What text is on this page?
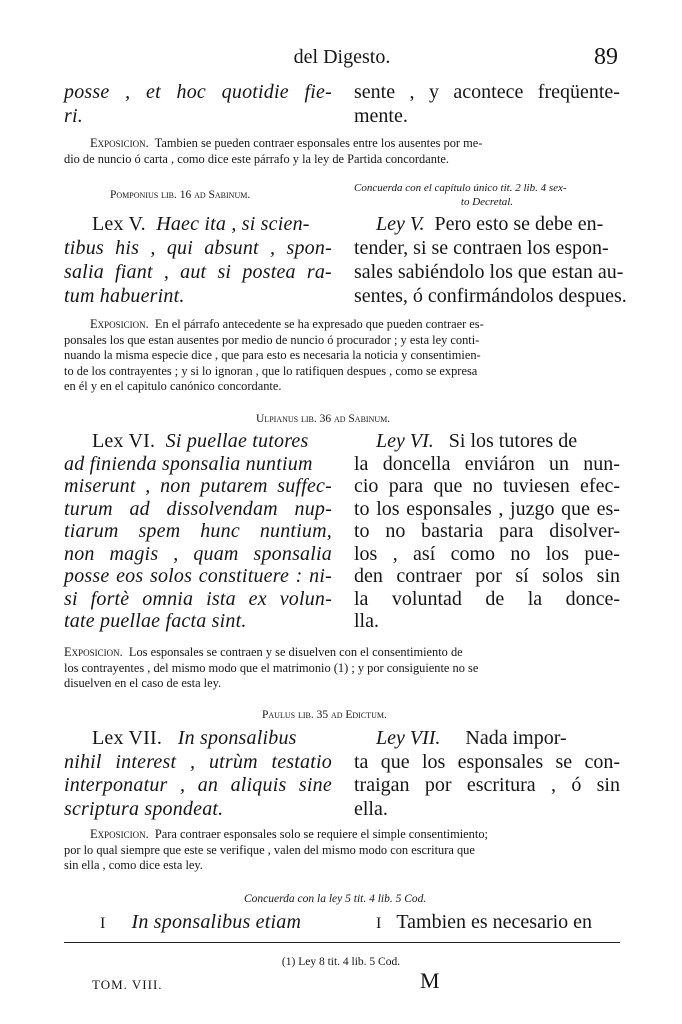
del Digesto.	89
posse , et hoc quotidie fie-
ri.
sente , y acontece freqüente-
mente.
Exposicion. Tambien se pueden contraer esponsales entre los ausentes por me-
dio de nuncio ó carta , como dice este párrafo y la ley de Partida concordante.
Pomponius lib. 16 ad Sabinum.
Concuerda con el capítulo único tit. 2 lib. 4 sex-
to Decretal.
Lex V. Haec ita , si scien-
tibus his , qui absunt , spon-
salia fiant , aut si postea ra-
tum habuerint.
Ley V. Pero esto se debe en-
tender, si se contraen los espon-
sales sabiéndolo los que estan au-
sentes, ó confirmándolos despues.
Exposicion. En el párrafo antecedente se ha expresado que pueden contraer es-
ponsales los que estan ausentes por medio de nuncio ó procurador ; y esta ley conti-
nuando la misma especie dice , que para esto es necesaria la noticia y consentimien-
to de los contrayentes ; y si lo ignoran , que lo ratifiquen despues , como se expresa
en él y en el capitulo canónico concordante.
Ulpianus lib. 36 ad Sabinum.
Lex VI. Si puellae tutores
ad finienda sponsalia nuntium
miserunt , non putarem suffec-
turum ad dissolvendam nup-
tiarum spem hunc nuntium,
non magis , quam sponsalia
posse eos solos constituere : ni-
si fortè omnia ista ex volun-
tate puellae facta sint.
Ley VI. Si los tutores de
la doncella enviáron un nun-
cio para que no tuviesen efec-
to los esponsales , juzgo que es-
to no bastaria para disolver-
los , así como no los pue-
den contraer por sí solos sin
la voluntad de la donce-
lla.
Exposicion. Los esponsales se contraen y se disuelven con el consentimiento de
los contrayentes , del mismo modo que el matrimonio (1) ; y por consiguiente no se
disuelven en el caso de esta ley.
Paulus lib. 35 ad Edictum.
Lex VII. In sponsalibus
nihil interest , utrùm testatio
interponatur , an aliquis sine
scriptura spondeat.
Ley VII. Nada impor-
ta que los esponsales se con-
traigan por escritura , ó sin
ella.
Exposicion. Para contraer esponsales solo se requiere el simple consentimiento;
por lo qual siempre que este se verifique , valen del mismo modo con escritura que
sin ella , como dice esta ley.
Concuerda con la ley 5 tit. 4 lib. 5 Cod.
I In sponsalibus etiam	I Tambien es necesario en
(1) Ley 8 tit. 4 lib. 5 Cod.
TOM. VIII.	M
